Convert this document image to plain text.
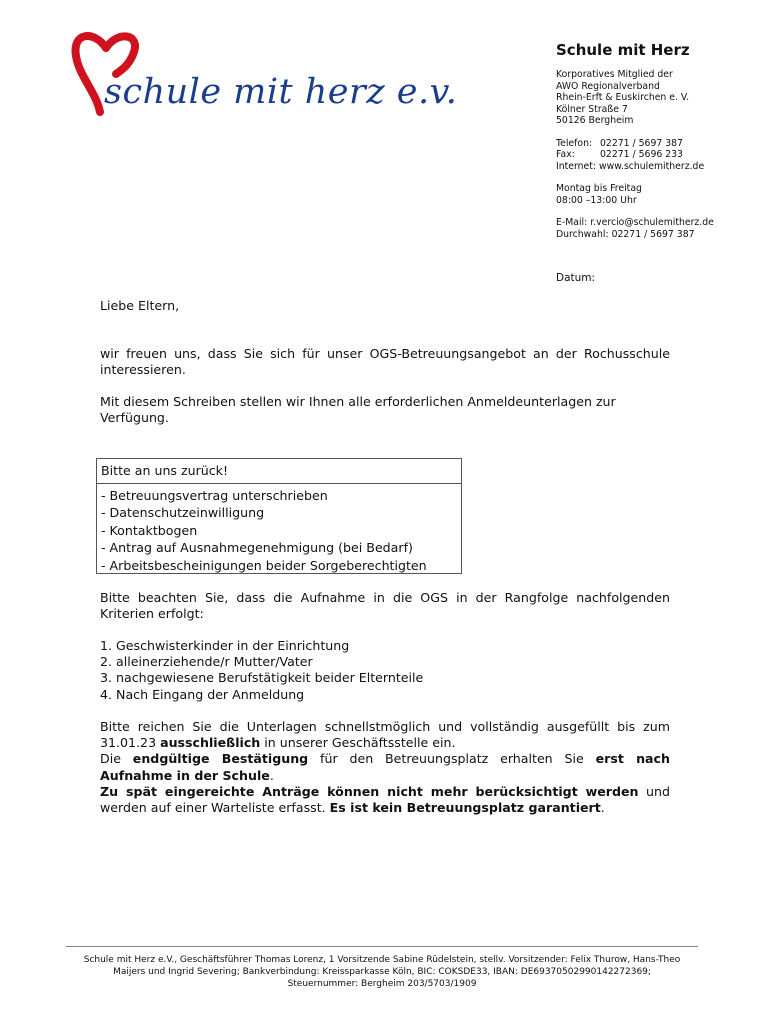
schule mit herz e.v.
Schule mit Herz
Korporatives Mitglied der
AWO Regionalverband
Rhein-Erft & Euskirchen e. V.
Kölner Straße 7
50126 Bergheim
Telefon: 02271 / 5697 387
Fax:	02271 / 5696 233
Internet: www.schulemitherz.de
Montag bis Freitag
08:00 –13:00 Uhr
E-Mail: r.vercio@schulemitherz.de
Durchwahl: 02271 / 5697 387
Datum:
Liebe Eltern,
wir freuen uns, dass Sie sich für unser OGS-Betreuungsangebot an der Rochusschule interessieren.
Mit diesem Schreiben stellen wir Ihnen alle erforderlichen Anmeldeunterlagen zur Verfügung.
Bitte an uns zurück!
- Betreuungsvertrag unterschrieben
- Datenschutzeinwilligung
- Kontaktbogen
- Antrag auf Ausnahmegenehmigung (bei Bedarf)
- Arbeitsbescheinigungen beider Sorgeberechtigten
Bitte beachten Sie, dass die Aufnahme in die OGS in der Rangfolge nachfolgenden Kriterien erfolgt:
1. Geschwisterkinder in der Einrichtung
2. alleinerziehende/r Mutter/Vater
3. nachgewiesene Berufstätigkeit beider Elternteile
4. Nach Eingang der Anmeldung
Bitte reichen Sie die Unterlagen schnellstmöglich und vollständig ausgefüllt bis zum 31.01.23 ausschließlich in unserer Geschäftsstelle ein.
Die endgültige Bestätigung für den Betreuungsplatz erhalten Sie erst nach Aufnahme in der Schule.
Zu spät eingereichte Anträge können nicht mehr berücksichtigt werden und werden auf einer Warteliste erfasst. Es ist kein Betreuungsplatz garantiert.
Schule mit Herz e.V., Geschäftsführer Thomas Lorenz, 1 Vorsitzende Sabine Rüdelstein, stellv. Vorsitzender: Felix Thurow, Hans-Theo
Maijers und Ingrid Severing; Bankverbindung: Kreissparkasse Köln, BIC: COKSDE33, IBAN: DE69370502990142272369;
Steuernummer: Bergheim 203/5703/1909
